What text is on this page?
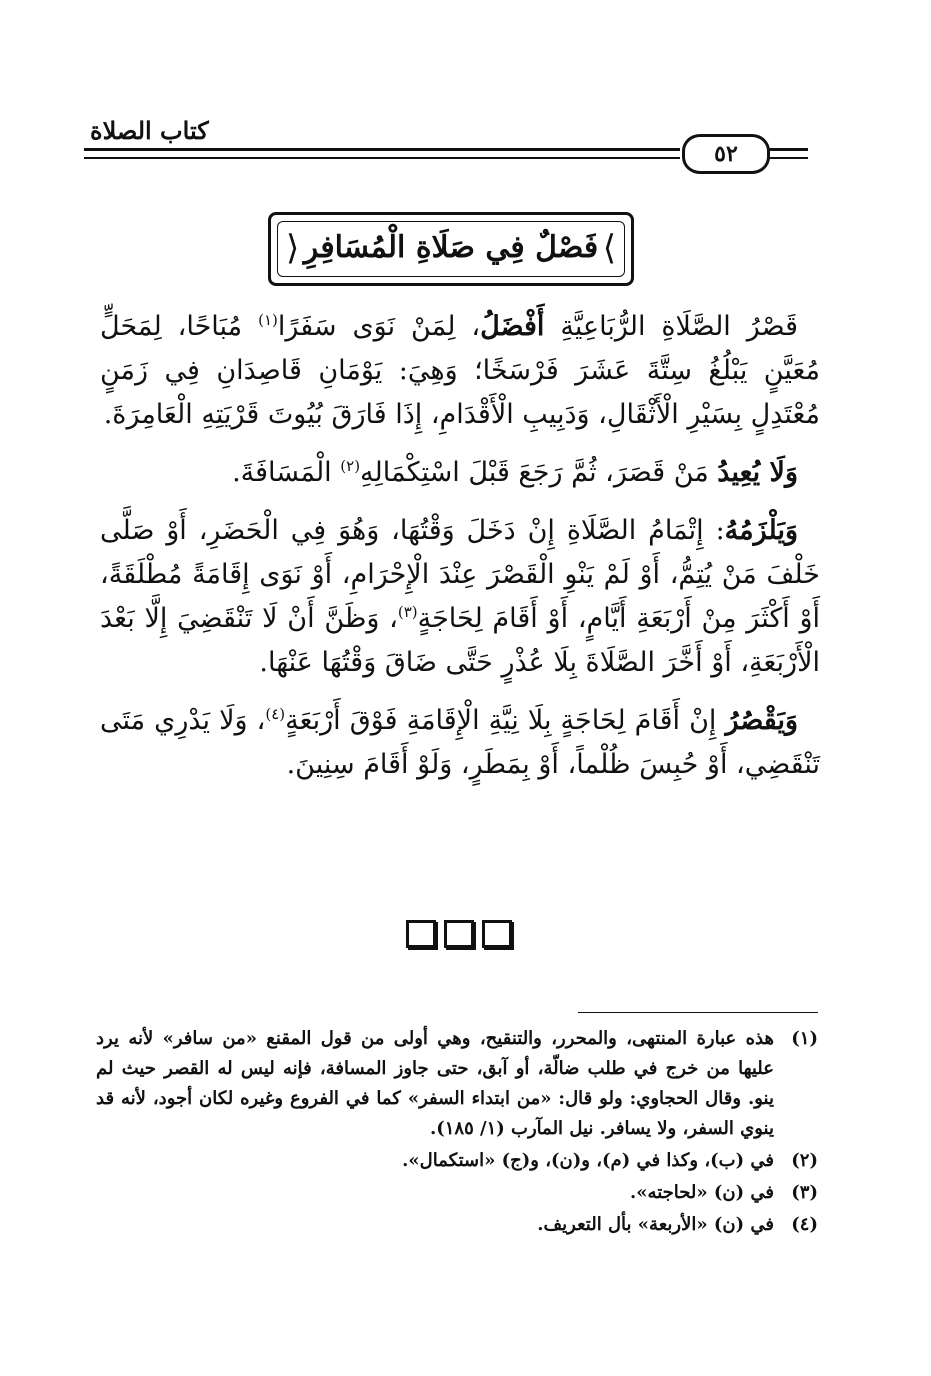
٥٢
كتاب الصلاة
⟨ فَصْلٌ فِي صَلَاةِ الْمُسَافِرِ ⟩

قَصْرُ الصَّلَاةِ الرُّبَاعِيَّةِ أَفْضَلُ، لِمَنْ نَوَى سَفَرًا$^{(١)}$ مُبَاحًا، لِمَحَلٍّ مُعَيَّنٍ يَبْلُغُ سِتَّةَ عَشَرَ فَرْسَخًا؛ وَهِيَ: يَوْمَانِ قَاصِدَانِ فِي زَمَنٍ مُعْتَدِلٍ بِسَيْرِ الْأَثْقَالِ، وَدَبِيبِ الْأَقْدَامِ، إِذَا فَارَقَ بُيُوتَ قَرْيَتِهِ الْعَامِرَةَ.

وَلَا يُعِيدُ مَنْ قَصَرَ، ثُمَّ رَجَعَ قَبْلَ اسْتِكْمَالِهِ$^{(٢)}$ الْمَسَافَةَ.

وَيَلْزَمُهُ: إِتْمَامُ الصَّلَاةِ إِنْ دَخَلَ وَقْتُهَا، وَهُوَ فِي الْحَضَرِ، أَوْ صَلَّى خَلْفَ مَنْ يُتِمُّ، أَوْ لَمْ يَنْوِ الْقَصْرَ عِنْدَ الْإِحْرَامِ، أَوْ نَوَى إِقَامَةً مُطْلَقَةً، أَوْ أَكْثَرَ مِنْ أَرْبَعَةِ أَيَّامٍ، أَوْ أَقَامَ لِحَاجَةٍ$^{(٣)}$، وَظَنَّ أَنْ لَا تَنْقَضِيَ إِلَّا بَعْدَ الْأَرْبَعَةِ، أَوْ أَخَّرَ الصَّلَاةَ بِلَا عُذْرٍ حَتَّى ضَاقَ وَقْتُهَا عَنْهَا.

وَيَقْصُرُ إِنْ أَقَامَ لِحَاجَةٍ بِلَا نِيَّةِ الْإِقَامَةِ فَوْقَ أَرْبَعَةٍ$^{(٤)}$، وَلَا يَدْرِي مَتَى تَنْقَضِي، أَوْ حُبِسَ ظُلْماً، أَوْ بِمَطَرٍ، وَلَوْ أَقَامَ سِنِينَ.

(١)
هذه عبارة المنتهى، والمحرر، والتنقيح، وهي أولى من قول المقنع «من سافر» لأنه يرد عليها من خرج في طلب ضالّة، أو آبق، حتى جاوز المسافة، فإنه ليس له القصر حيث لم ينو. وقال الحجاوي: ولو قال: «من ابتداء السفر» كما في الفروع وغيره لكان أجود، لأنه قد ينوي السفر، ولا يسافر. نيل المآرب (١/ ١٨٥).
(٢)
في (ب)، وكذا في (م)، و(ن)، و(ج) «استكمال».
(٣)
في (ن) «لحاجته».
(٤)
في (ن) «الأربعة» بأل التعريف.
